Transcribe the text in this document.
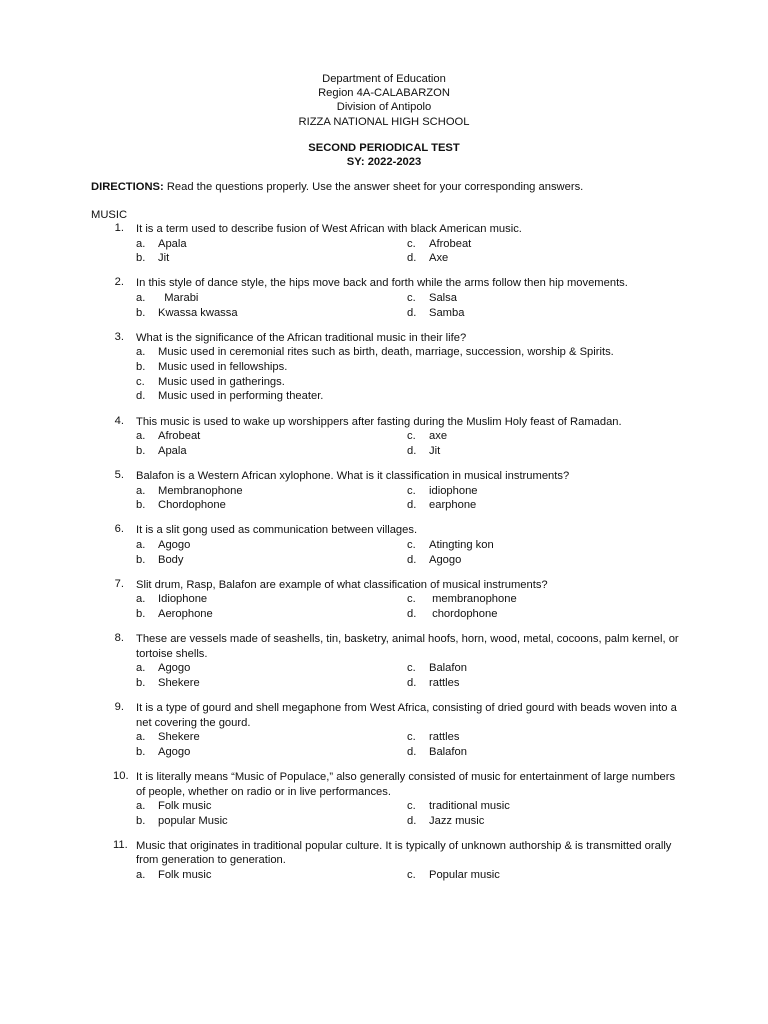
Department of Education
Region 4A-CALABARZON
Division of Antipolo
RIZZA NATIONAL HIGH SCHOOL
SECOND PERIODICAL TEST
SY: 2022-2023
DIRECTIONS: Read the questions properly. Use the answer sheet for your corresponding answers.
MUSIC
1. It is a term used to describe fusion of West African with black American music.
a.	Apala	c.	Afrobeat
b.	Jit	d.	Axe
2. In this style of dance style, the hips move back and forth while the arms follow then hip movements.
a.	Marabi	c.	Salsa
b.	Kwassa kwassa	d.	Samba
3. What is the significance of the African traditional music in their life?
a.	Music used in ceremonial rites such as birth, death, marriage, succession, worship & Spirits.
b.	Music used in fellowships.
c.	Music used in gatherings.
d.	Music used in performing theater.
4. This music is used to wake up worshippers after fasting during the Muslim Holy feast of Ramadan.
a.	Afrobeat	c.	axe
b.	Apala	d.	Jit
5. Balafon is a Western African xylophone. What is it classification in musical instruments?
a.	Membranophone	c.	idiophone
b.	Chordophone	d.	earphone
6. It is a slit gong used as communication between villages.
a.	Agogo	c.	Atingting kon
b.	Body	d.	Agogo
7. Slit drum, Rasp, Balafon are example of what classification of musical instruments?
a.	Idiophone	c.	membranophone
b.	Aerophone	d.	chordophone
8. These are vessels made of seashells, tin, basketry, animal hoofs, horn, wood, metal, cocoons, palm kernel, or tortoise shells.
a.	Agogo	c.	Balafon
b.	Shekere	d.	rattles
9. It is a type of gourd and shell megaphone from West Africa, consisting of dried gourd with beads woven into a net covering the gourd.
a.	Shekere	c.	rattles
b.	Agogo	d.	Balafon
10. It is literally means “Music of Populace,” also generally consisted of music for entertainment of large numbers of people, whether on radio or in live performances.
a.	Folk music	c.	traditional music
b.	popular Music	d.	Jazz music
11. Music that originates in traditional popular culture. It is typically of unknown authorship & is transmitted orally from generation to generation.
a.	Folk music	c.	Popular music
